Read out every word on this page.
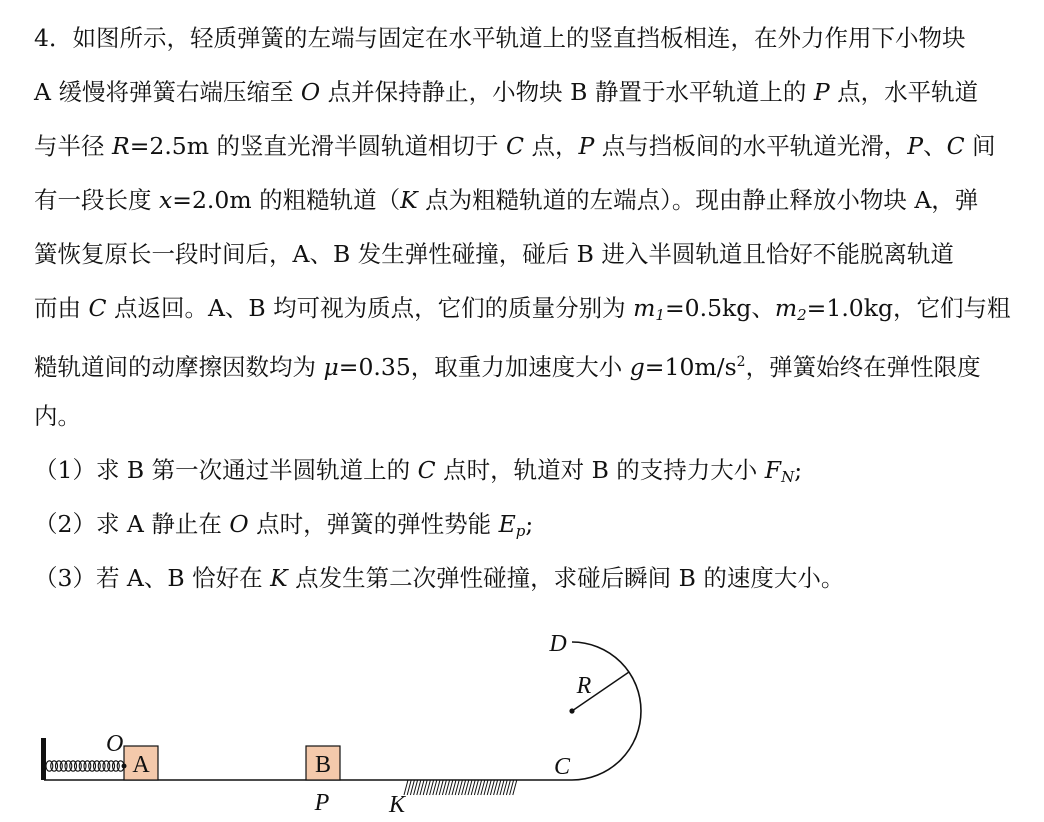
4．如图所示，轻质弹簧的左端与固定在水平轨道上的竖直挡板相连，在外力作用下小物块
A 缓慢将弹簧右端压缩至 O 点并保持静止，小物块 B 静置于水平轨道上的 P 点，水平轨道
与半径 R=2.5m 的竖直光滑半圆轨道相切于 C 点，P 点与挡板间的水平轨道光滑，P、C 间
有一段长度 x=2.0m 的粗糙轨道（K 点为粗糙轨道的左端点）。现由静止释放小物块 A，弹
簧恢复原长一段时间后，A、B 发生弹性碰撞，碰后 B 进入半圆轨道且恰好不能脱离轨道
而由 C 点返回。A、B 均可视为质点，它们的质量分别为 $m_1=0.5kg$、$m_2=1.0kg$，它们与粗
糙轨道间的动摩擦因数均为 μ=0.35，取重力加速度大小 $g=10m/s^2$，弹簧始终在弹性限度
内。
（1）求 B 第一次通过半圆轨道上的 C 点时，轨道对 B 的支持力大小 $F_N$;
（2）求 A 静止在 O 点时，弹簧的弹性势能 $E_p$;
（3）若 A、B 恰好在 K 点发生第二次弹性碰撞，求碰后瞬间 B 的速度大小。
A
O
B
P K
R
D
C
